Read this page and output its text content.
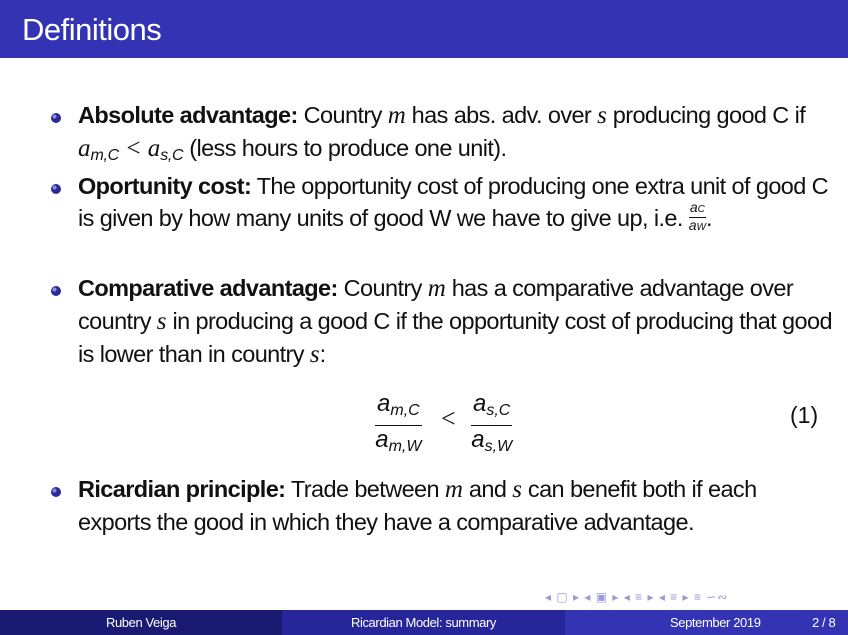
Definitions
Absolute advantage: Country m has abs. adv. over s producing good C if $a_{m,C} < a_{s,C}$ (less hours to produce one unit).
Oportunity cost: The opportunity cost of producing one extra unit of good C is given by how many units of good W we have to give up, i.e. $\frac{aC}{aW}$ .
Comparative advantage: Country m has a comparative advantage over country s in producing a good C if the opportunity cost of producing that good is lower than in country s:
$\frac{am,C}{am,W} < \frac{as,C}{as,W}$	(1)
Ricardian principle: Trade between m and s can benefit both if each exports the good in which they have a comparative advantage.
◂ ▢ ▸ ◂ ▣ ▸ ◂ ≡ ▸ ◂ ≡ ▸ ≡ ∽∾
Ruben Veiga	Ricardian Model: summary	September 2019	2 / 8
